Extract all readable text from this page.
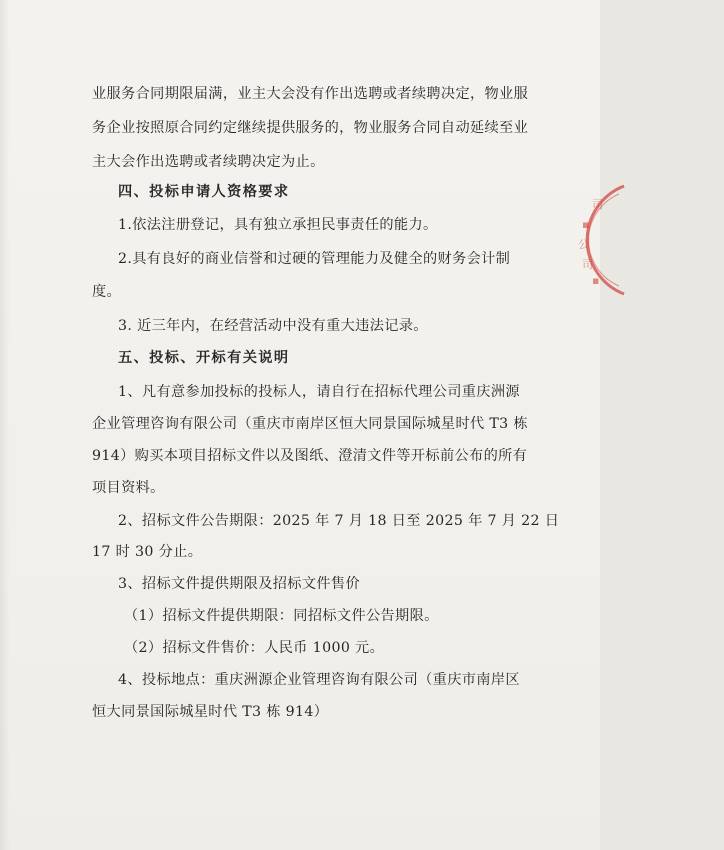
司
▪
公
司
▪
业服务合同期限届满，业主大会没有作出选聘或者续聘决定，物业服
务企业按照原合同约定继续提供服务的，物业服务合同自动延续至业
主大会作出选聘或者续聘决定为止。
四、投标申请人资格要求
1.依法注册登记，具有独立承担民事责任的能力。
2.具有良好的商业信誉和过硬的管理能力及健全的财务会计制
度。
3. 近三年内，在经营活动中没有重大违法记录。
五、投标、开标有关说明
1、凡有意参加投标的投标人，请自行在招标代理公司重庆洲源
企业管理咨询有限公司（重庆市南岸区恒大同景国际城星时代 T3 栋
914）购买本项目招标文件以及图纸、澄清文件等开标前公布的所有
项目资料。
2、招标文件公告期限：2025 年 7 月 18 日至 2025 年 7 月 22 日
17 时 30 分止。
3、招标文件提供期限及招标文件售价
（1）招标文件提供期限：同招标文件公告期限。
（2）招标文件售价：人民币 1000 元。
4、投标地点：重庆洲源企业管理咨询有限公司（重庆市南岸区
恒大同景国际城星时代 T3 栋 914）
